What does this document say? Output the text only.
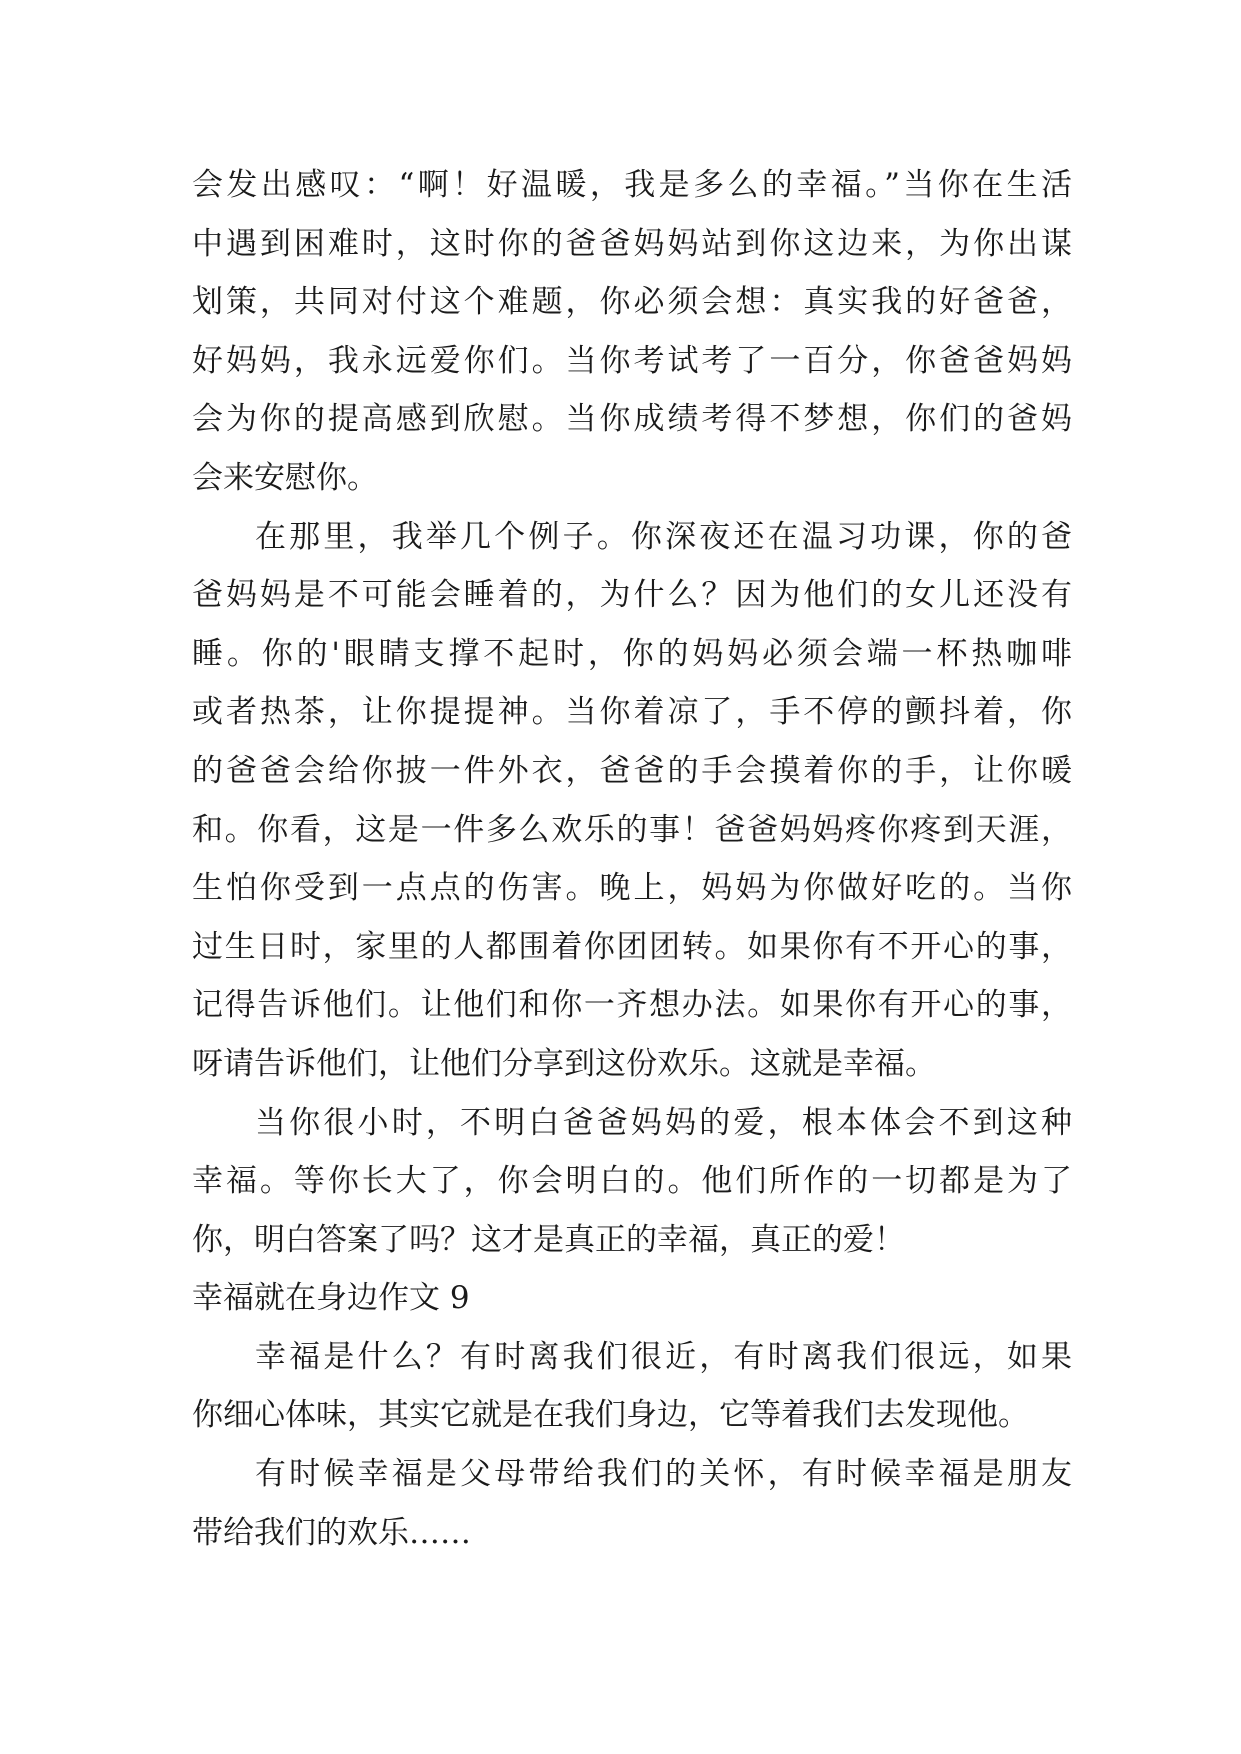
会发出感叹：“啊！好温暖，我是多么的幸福。”当你在生活
中遇到困难时，这时你的爸爸妈妈站到你这边来，为你出谋
划策，共同对付这个难题，你必须会想：真实我的好爸爸，
好妈妈，我永远爱你们。当你考试考了一百分，你爸爸妈妈
会为你的提高感到欣慰。当你成绩考得不梦想，你们的爸妈
会来安慰你。
在那里，我举几个例子。你深夜还在温习功课，你的爸
爸妈妈是不可能会睡着的，为什么？因为他们的女儿还没有
睡。你的'眼睛支撑不起时，你的妈妈必须会端一杯热咖啡
或者热茶，让你提提神。当你着凉了，手不停的颤抖着，你
的爸爸会给你披一件外衣，爸爸的手会摸着你的手，让你暖
和。你看，这是一件多么欢乐的事！爸爸妈妈疼你疼到天涯，
生怕你受到一点点的伤害。晚上，妈妈为你做好吃的。当你
过生日时，家里的人都围着你团团转。如果你有不开心的事，
记得告诉他们。让他们和你一齐想办法。如果你有开心的事，
呀请告诉他们，让他们分享到这份欢乐。这就是幸福。
当你很小时，不明白爸爸妈妈的爱，根本体会不到这种
幸福。等你长大了，你会明白的。他们所作的一切都是为了
你，明白答案了吗？这才是真正的幸福，真正的爱！
幸福就在身边作文 9
幸福是什么？有时离我们很近，有时离我们很远，如果
你细心体味，其实它就是在我们身边，它等着我们去发现他。
有时候幸福是父母带给我们的关怀，有时候幸福是朋友
带给我们的欢乐……
